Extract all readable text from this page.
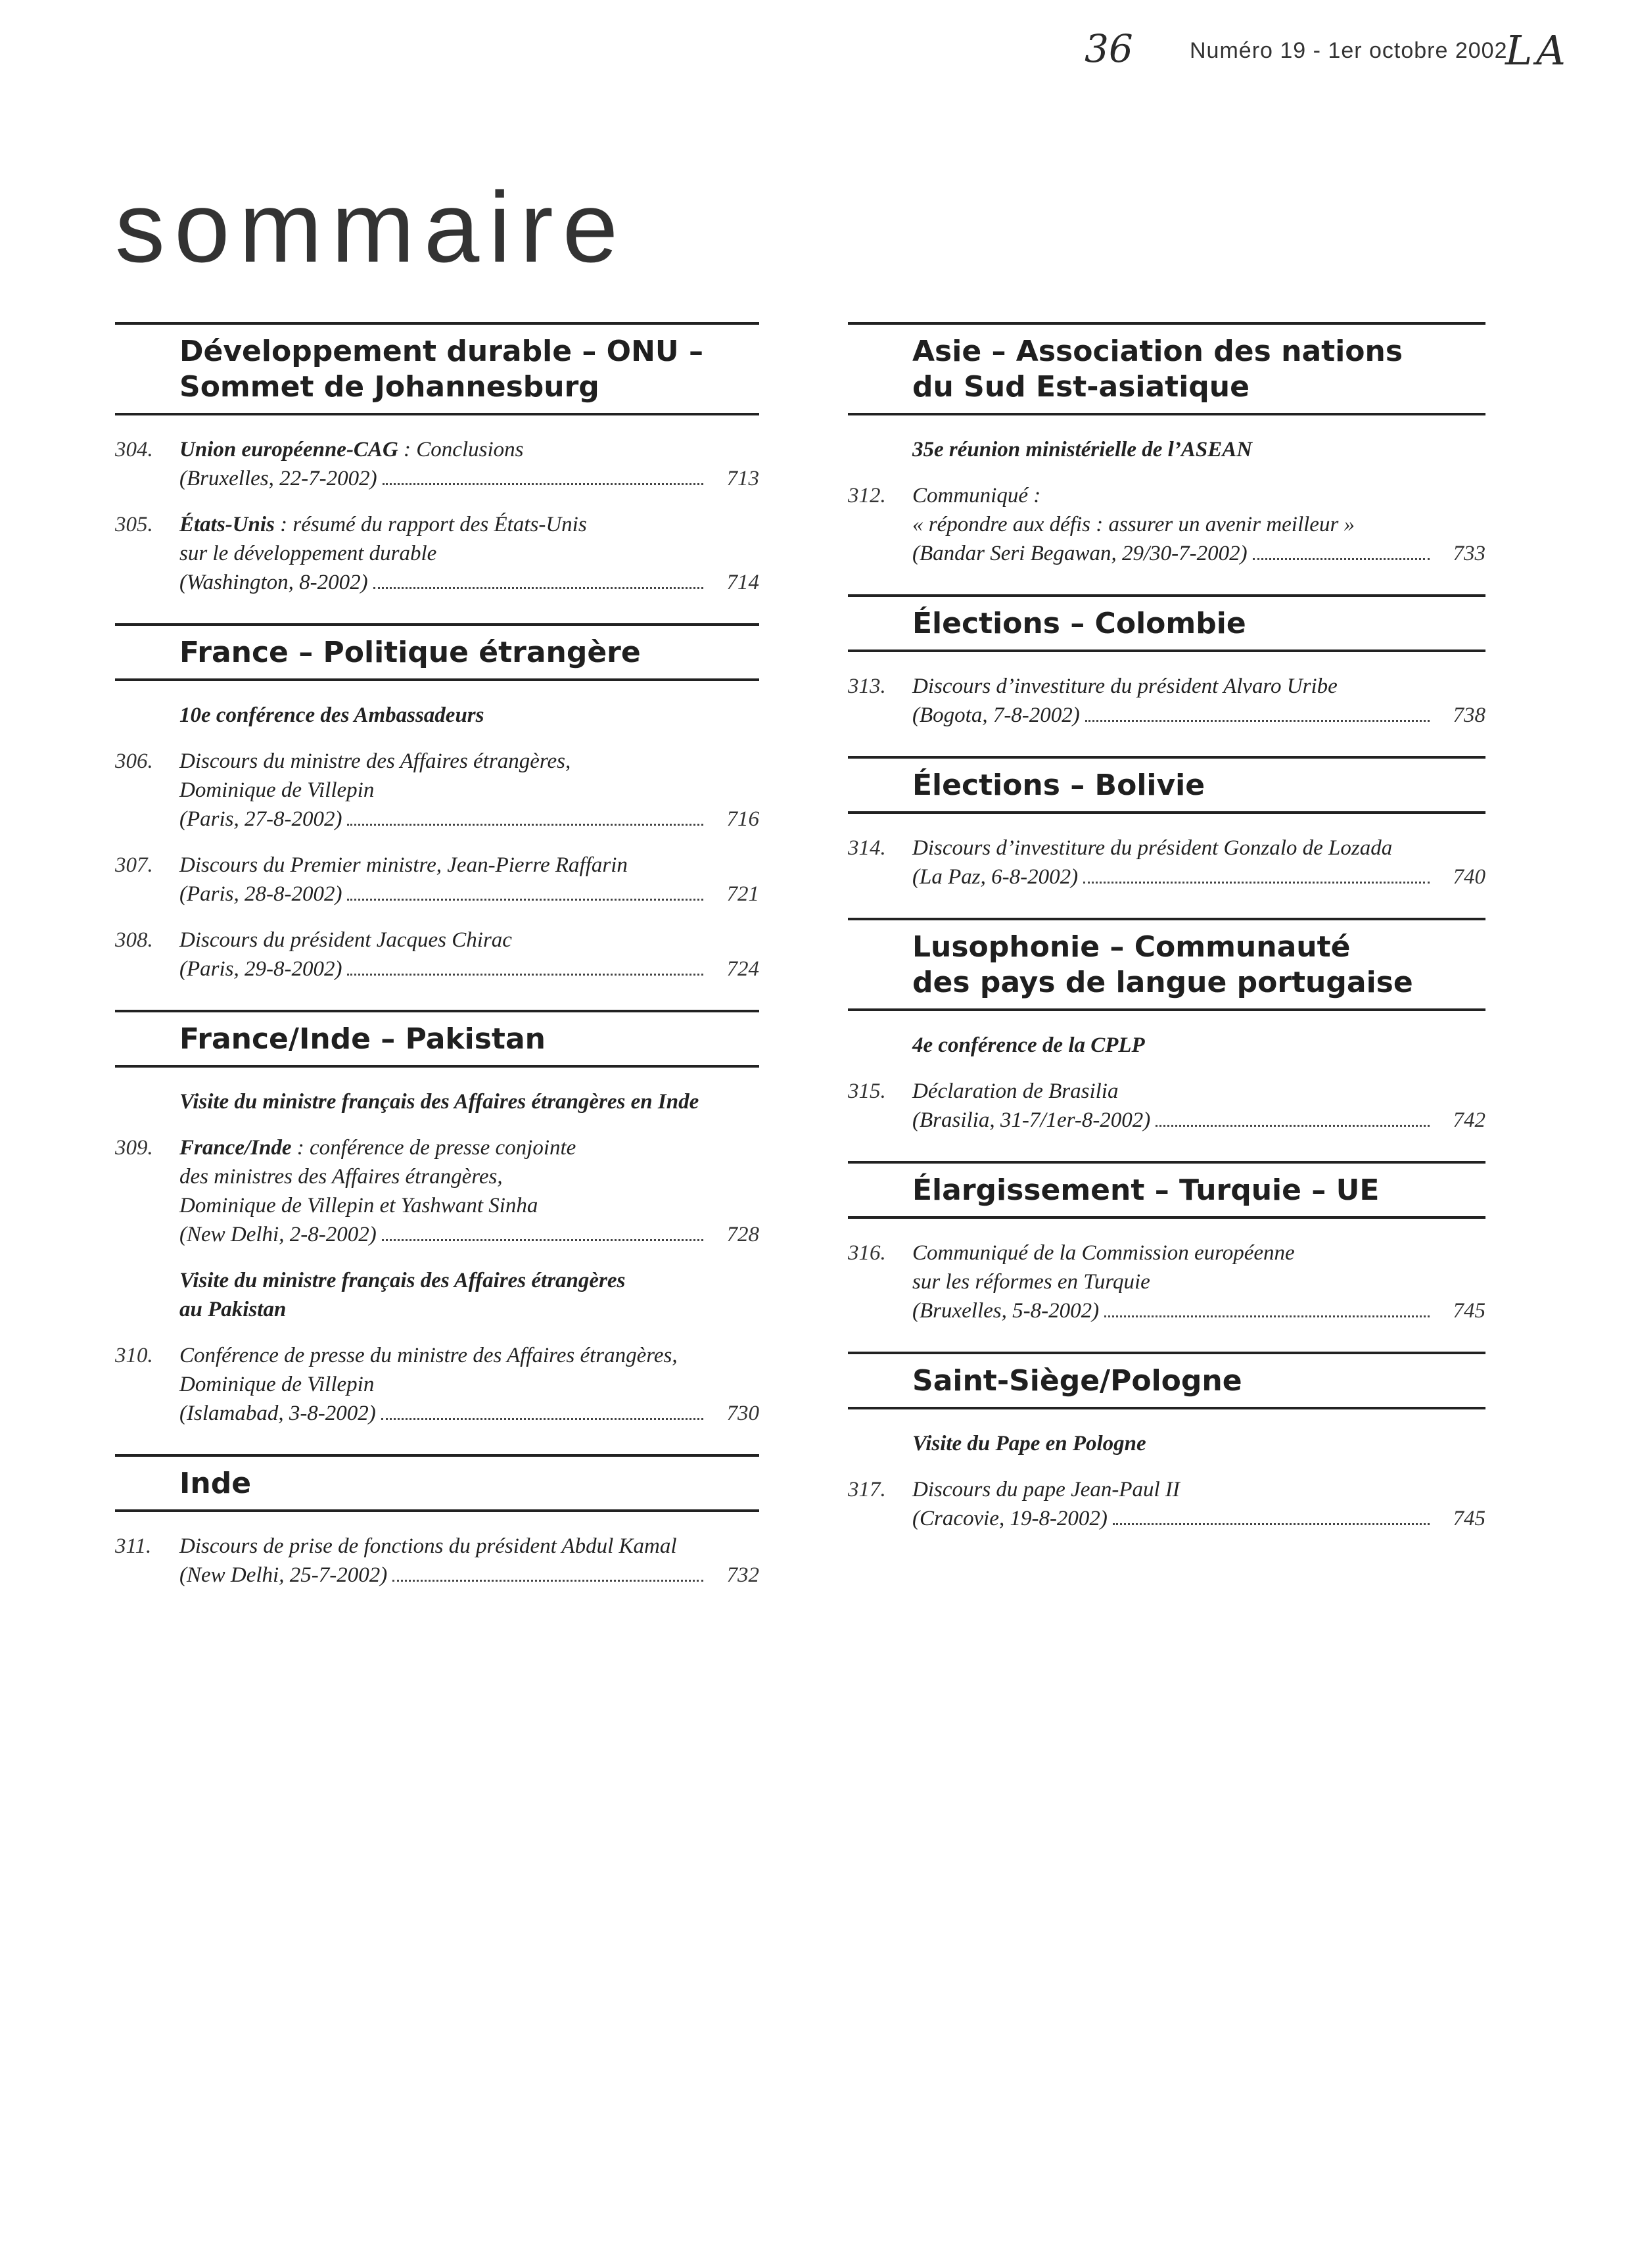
36	Numéro 19 - 1er octobre 2002
LA
sommaire
Développement durable – ONU –
Sommet de Johannesburg
304.	Union européenne-CAG : Conclusions
(Bruxelles, 22-7-2002)	713
305.	États-Unis : résumé du rapport des États-Unis
sur le développement durable
(Washington, 8-2002)	714
France – Politique étrangère
10e conférence des Ambassadeurs
306.	Discours du ministre des Affaires étrangères,
Dominique de Villepin
(Paris, 27-8-2002)	716
307.	Discours du Premier ministre, Jean-Pierre Raffarin
(Paris, 28-8-2002)	721
308.	Discours du président Jacques Chirac
(Paris, 29-8-2002)	724
France/Inde – Pakistan
Visite du ministre français des Affaires étrangères en Inde
309.	France/Inde : conférence de presse conjointe
des ministres des Affaires étrangères,
Dominique de Villepin et Yashwant Sinha
(New Delhi, 2-8-2002)	728
Visite du ministre français des Affaires étrangères
au Pakistan
310.	Conférence de presse du ministre des Affaires étrangères,
Dominique de Villepin
(Islamabad, 3-8-2002)	730
Inde
311.	Discours de prise de fonctions du président Abdul Kamal
(New Delhi, 25-7-2002)	732
Asie – Association des nations
du Sud Est-asiatique
35e réunion ministérielle de l’ASEAN
312.	Communiqué :
« répondre aux défis : assurer un avenir meilleur »
(Bandar Seri Begawan, 29/30-7-2002)	733
Élections – Colombie
313.	Discours d’investiture du président Alvaro Uribe
(Bogota, 7-8-2002)	738
Élections – Bolivie
314.	Discours d’investiture du président Gonzalo de Lozada
(La Paz, 6-8-2002)	740
Lusophonie – Communauté
des pays de langue portugaise
4e conférence de la CPLP
315.	Déclaration de Brasilia
(Brasilia, 31-7/1er-8-2002)	742
Élargissement – Turquie – UE
316.	Communiqué de la Commission européenne
sur les réformes en Turquie
(Bruxelles, 5-8-2002)	745
Saint-Siège/Pologne
Visite du Pape en Pologne
317.	Discours du pape Jean-Paul II
(Cracovie, 19-8-2002)	745
